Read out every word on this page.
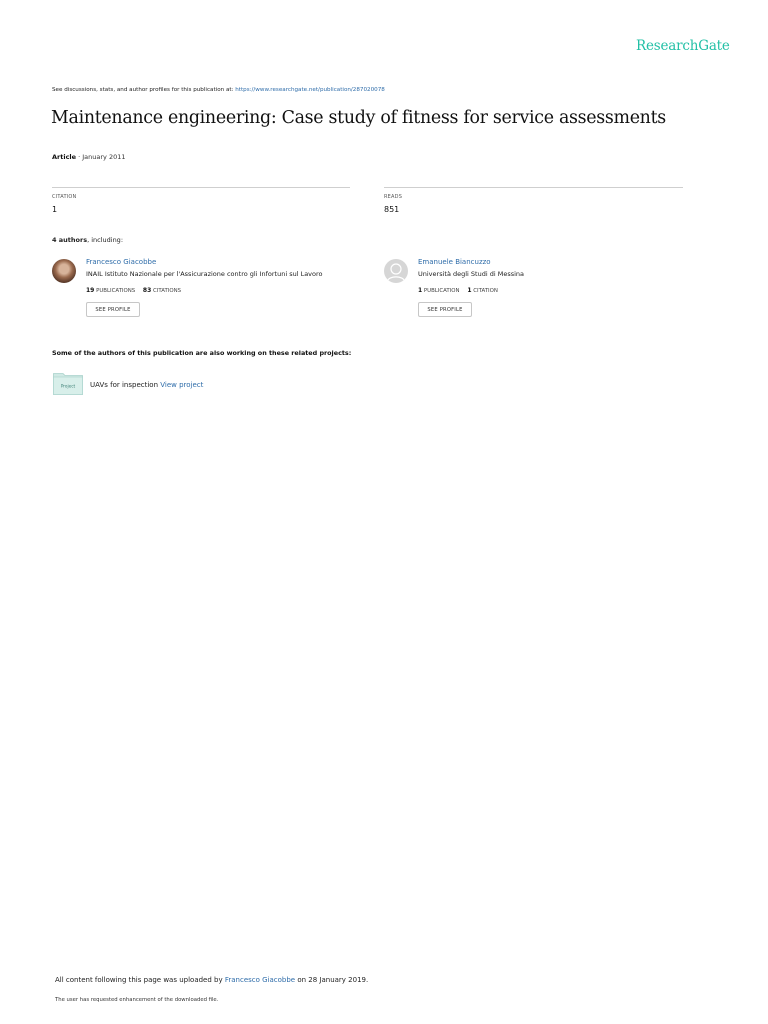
ResearchGate
See discussions, stats, and author profiles for this publication at: https://www.researchgate.net/publication/287020078
Maintenance engineering: Case study of fitness for service assessments
Article · January 2011
CITATION
1
READS
851
4 authors, including:
Francesco Giacobbe
INAIL Istituto Nazionale per l'Assicurazione contro gli Infortuni sul Lavoro
19 PUBLICATIONS 83 CITATIONS
SEE PROFILE
Emanuele Biancuzzo
Università degli Studi di Messina
1 PUBLICATION 1 CITATION
SEE PROFILE
Some of the authors of this publication are also working on these related projects:
Project UAVs for inspection View project
All content following this page was uploaded by Francesco Giacobbe on 28 January 2019.
The user has requested enhancement of the downloaded file.
